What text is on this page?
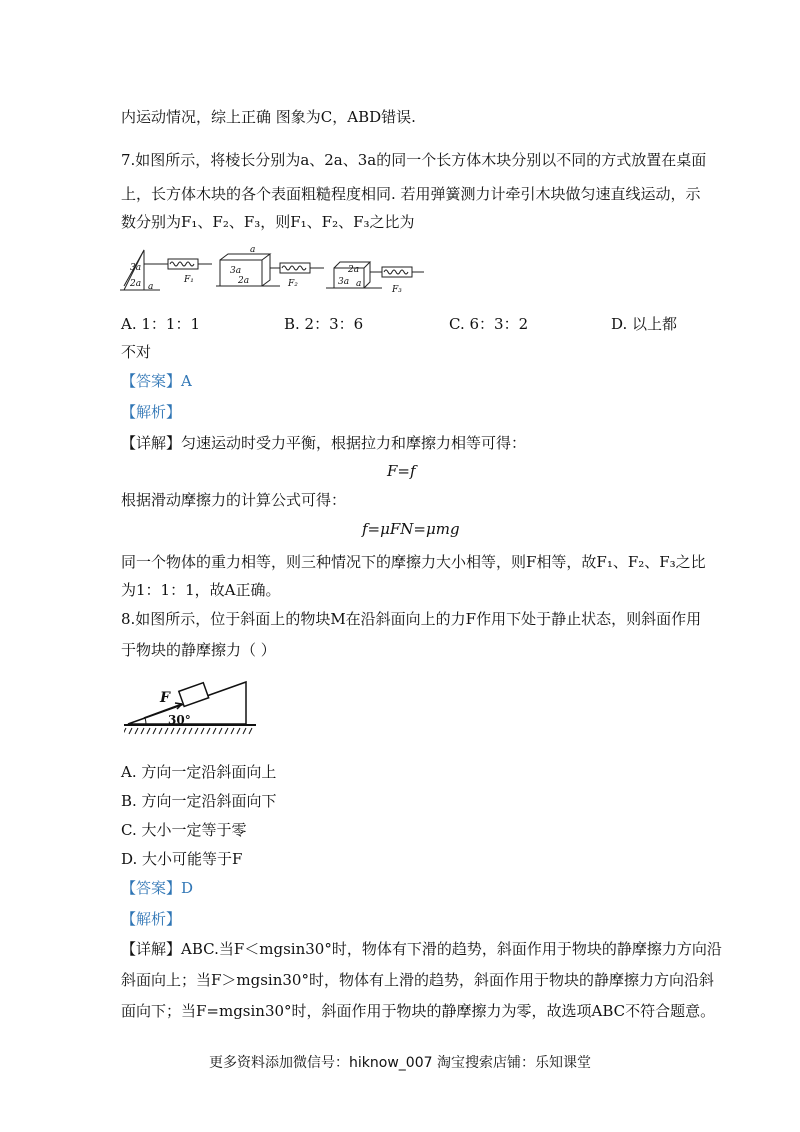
内运动情况，综上正确 图象为C，ABD错误.
7.如图所示，将棱长分别为a、2a、3a的同一个长方体木块分别以不同的方式放置在桌面
上，长方体木块的各个表面粗糙程度相同. 若用弹簧测力计牵引木块做匀速直线运动，示
数分别为F₁、F₂、F₃，则F₁、F₂、F₃之比为
3a
2a a
a
3a
2a
2a
3a a
F₁	F₂
F₃
A. 1：1：1	B. 2：3：6	C. 6：3：2	D. 以上都
不对
【答案】A
【解析】
【详解】匀速运动时受力平衡，根据拉力和摩擦力相等可得：
F=f
根据滑动摩擦力的计算公式可得：
f=μFN=μmg
同一个物体的重力相等，则三种情况下的摩擦力大小相等，则F相等，故F₁、F₂、F₃之比
为1：1：1，故A正确。
8.如图所示，位于斜面上的物块M在沿斜面向上的力F作用下处于静止状态，则斜面作用
于物块的静摩擦力（ ）
F
30°
A. 方向一定沿斜面向上
B. 方向一定沿斜面向下
C. 大小一定等于零
D. 大小可能等于F
【答案】D
【解析】
【详解】ABC.当F＜mgsin30°时，物体有下滑的趋势，斜面作用于物块的静摩擦力方向沿
斜面向上；当F＞mgsin30°时，物体有上滑的趋势，斜面作用于物块的静摩擦力方向沿斜
面向下；当F=mgsin30°时，斜面作用于物块的静摩擦力为零，故选项ABC不符合题意。
更多资料添加微信号：hiknow_007 淘宝搜索店铺：乐知课堂
